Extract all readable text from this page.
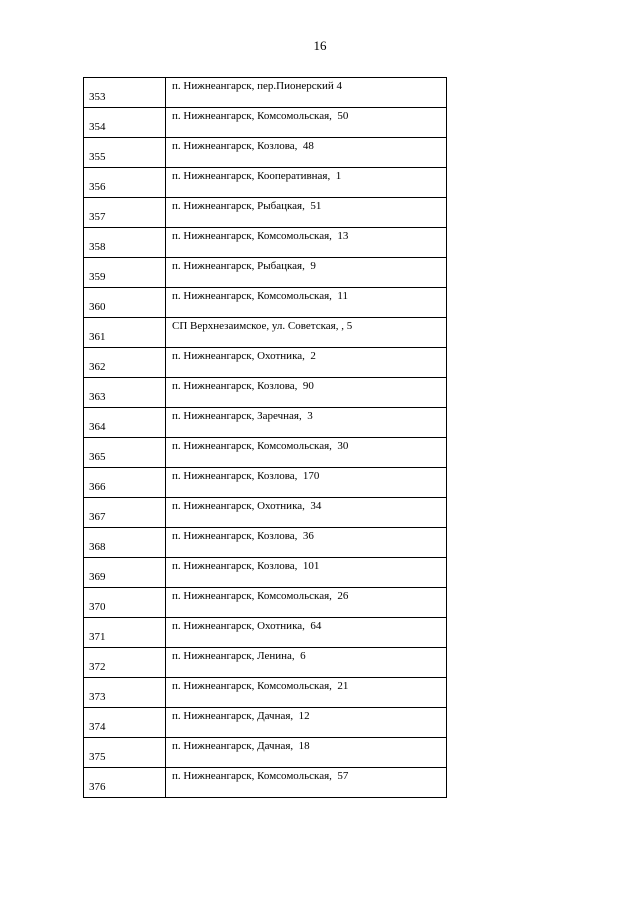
16
353	п. Нижнеангарск, пер.Пионерский 4
354	п. Нижнеангарск, Комсомольская,  50
355	п. Нижнеангарск, Козлова,  48
356	п. Нижнеангарск, Кооперативная,  1
357	п. Нижнеангарск, Рыбацкая,  51
358	п. Нижнеангарск, Комсомольская,  13
359	п. Нижнеангарск, Рыбацкая,  9
360	п. Нижнеангарск, Комсомольская,  11
361	СП Верхнезаимское, ул. Советская, , 5
362	п. Нижнеангарск, Охотника,  2
363	п. Нижнеангарск, Козлова,  90
364	п. Нижнеангарск, Заречная,  3
365	п. Нижнеангарск, Комсомольская,  30
366	п. Нижнеангарск, Козлова,  170
367	п. Нижнеангарск, Охотника,  34
368	п. Нижнеангарск, Козлова,  36
369	п. Нижнеангарск, Козлова,  101
370	п. Нижнеангарск, Комсомольская,  26
371	п. Нижнеангарск, Охотника,  64
372	п. Нижнеангарск, Ленина,  6
373	п. Нижнеангарск, Комсомольская,  21
374	п. Нижнеангарск, Дачная,  12
375	п. Нижнеангарск, Дачная,  18
376	п. Нижнеангарск, Комсомольская,  57
